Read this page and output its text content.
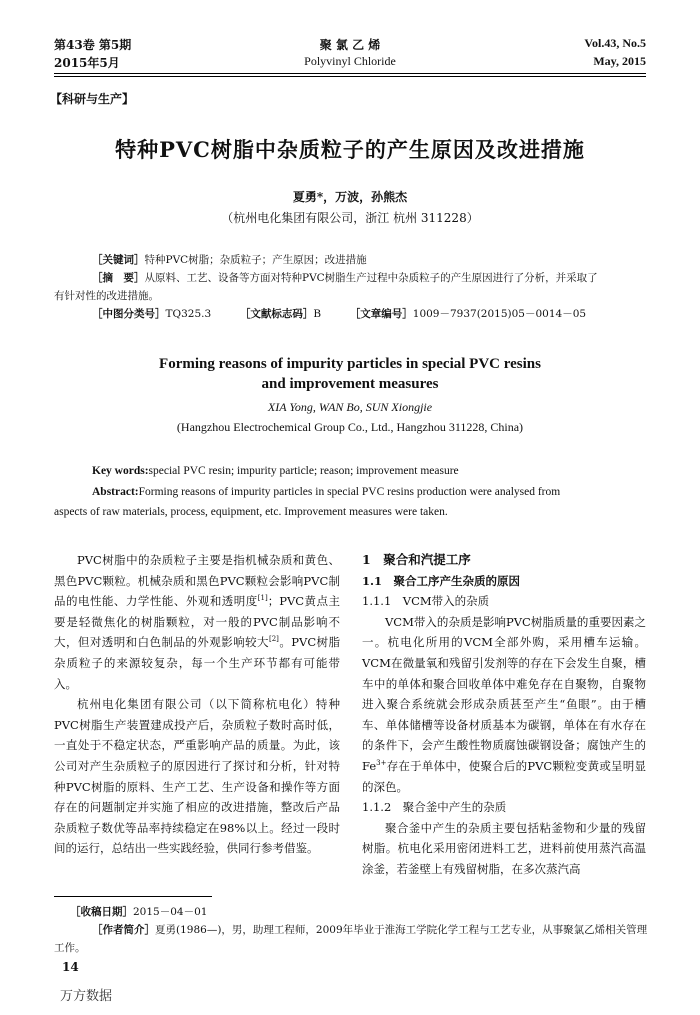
第43卷 第5期
2015年5月
聚 氯 乙 烯
Polyvinyl Chloride
Vol.43, No.5
May, 2015
【科研与生产】
特种PVC树脂中杂质粒子的产生原因及改进措施
夏勇*，万波，孙熊杰
（杭州电化集团有限公司，浙江 杭州 311228）
［关键词］特种PVC树脂；杂质粒子；产生原因；改进措施
［摘　要］从原料、工艺、设备等方面对特种PVC树脂生产过程中杂质粒子的产生原因进行了分析，并采取了
有针对性的改进措施。
［中图分类号］TQ325.3	［文献标志码］B	［文章编号］1009－7937(2015)05－0014－05
Forming reasons of impurity particles in special PVC resins
and improvement measures
XIA Yong, WAN Bo, SUN Xiongjie
(Hangzhou Electrochemical Group Co., Ltd., Hangzhou 311228, China)
Key words:special PVC resin; impurity particle; reason; improvement measure
Abstract:Forming reasons of impurity particles in special PVC resins production were analysed from
aspects of raw materials, process, equipment, etc. Improvement measures were taken.

PVC树脂中的杂质粒子主要是指机械杂质和黄色、黑色PVC颗粒。机械杂质和黑色PVC颗粒会影响PVC制品的电性能、力学性能、外观和透明度[1]；PVC黄点主要是轻微焦化的树脂颗粒，对一般的PVC制品影响不大，但对透明和白色制品的外观影响较大[2]。PVC树脂杂质粒子的来源较复杂，每一个生产环节都有可能带入。

杭州电化集团有限公司（以下简称杭电化）特种PVC树脂生产装置建成投产后，杂质粒子数时高时低，一直处于不稳定状态，严重影响产品的质量。为此，该公司对产生杂质粒子的原因进行了探讨和分析，针对特种PVC树脂的原料、生产工艺、生产设备和操作等方面存在的问题制定并实施了相应的改进措施，整改后产品杂质粒子数优等品率持续稳定在98%以上。经过一段时间的运行，总结出一些实践经验，供同行参考借鉴。

1　聚合和汽提工序
1.1　聚合工序产生杂质的原因
1.1.1　VCM带入的杂质

VCM带入的杂质是影响PVC树脂质量的重要因素之一。杭电化所用的VCM全部外购，采用槽车运输。VCM在微量氧和残留引发剂等的存在下会发生自聚，槽车中的单体和聚合回收单体中难免存在自聚物，自聚物进入聚合系统就会形成杂质甚至产生“鱼眼”。由于槽车、单体储槽等设备材质基本为碳钢，单体在有水存在的条件下，会产生酸性物质腐蚀碳钢设备；腐蚀产生的$Fe^{3+}$存在于单体中，使聚合后的PVC颗粒变黄或呈明显的深色。

1.1.2　聚合釜中产生的杂质

聚合釜中产生的杂质主要包括粘釜物和少量的残留树脂。杭电化采用密闭进料工艺，进料前使用蒸汽高温涂釜，若釜壁上有残留树脂，在多次蒸汽高

［收稿日期］2015－04－01
［作者简介］夏勇(1986—)，男，助理工程师，2009年毕业于淮海工学院化学工程与工艺专业，从事聚氯乙烯相关管理
工作。
14
万方数据
